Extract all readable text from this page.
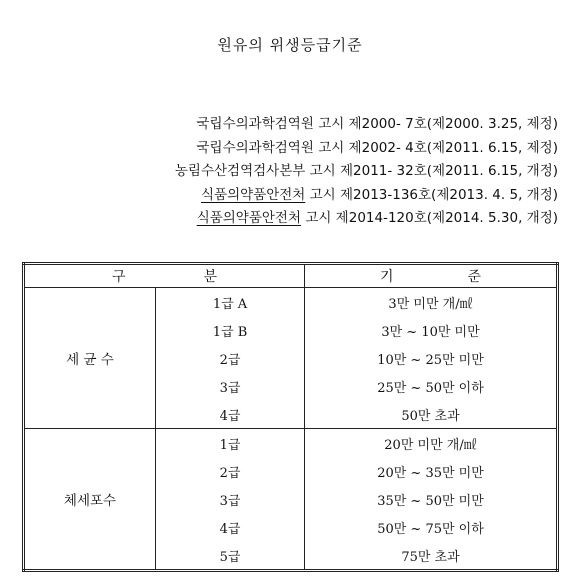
원유의 위생등급기준
국립수의과학검역원 고시 제2000- 7호(제2000. 3.25, 제정)
국립수의과학검역원 고시 제2002- 4호(제2011. 6.15, 제정)
농림수산검역검사본부 고시 제2011- 32호(제2011. 6.15, 개정)
식품의약품안전처 고시 제2013-136호(제2013. 4. 5, 개정)
식품의약품안전처 고시 제2014-120호(제2014. 5.30, 개정)
구 분		기 준

세 균 수	1급 A	3만 미만 개/㎖
	1급 B	3만 ~ 10만 미만
	2급	10만 ~ 25만 미만
	3급	25만 ~ 50만 이하
	4급	50만 초과
체세포수	1급	20만 미만 개/㎖
	2급	20만 ~ 35만 미만
	3급	35만 ~ 50만 미만
	4급	50만 ~ 75만 이하
	5급	75만 초과
